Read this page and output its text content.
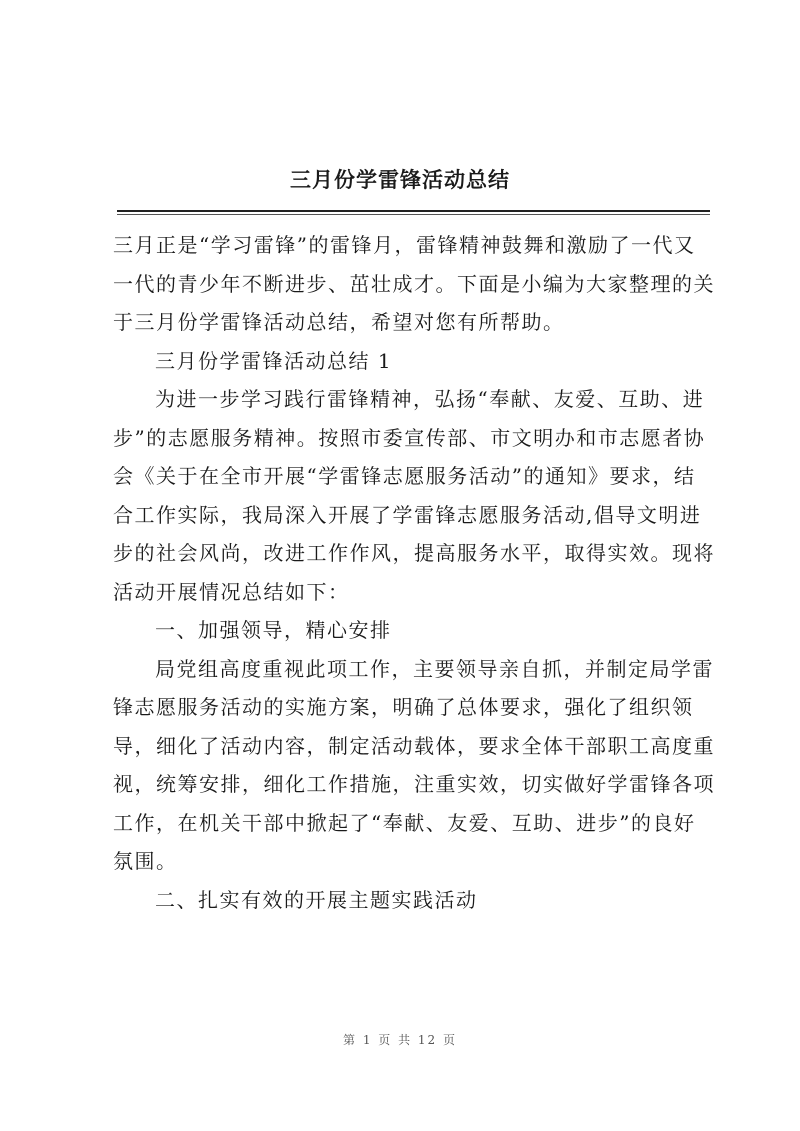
三月份学雷锋活动总结

三月正是“学习雷锋”的雷锋月，雷锋精神鼓舞和激励了一代又

一代的青少年不断进步、茁壮成才。下面是小编为大家整理的关

于三月份学雷锋活动总结，希望对您有所帮助。

三月份学雷锋活动总结 1

为进一步学习践行雷锋精神，弘扬“奉献、友爱、互助、进

步”的志愿服务精神。按照市委宣传部、市文明办和市志愿者协

会《关于在全市开展“学雷锋志愿服务活动”的通知》要求，结

合工作实际，我局深入开展了学雷锋志愿服务活动,倡导文明进

步的社会风尚，改进工作作风，提高服务水平，取得实效。现将

活动开展情况总结如下：

一、加强领导，精心安排

局党组高度重视此项工作，主要领导亲自抓，并制定局学雷

锋志愿服务活动的实施方案，明确了总体要求，强化了组织领

导，细化了活动内容，制定活动载体，要求全体干部职工高度重

视，统筹安排，细化工作措施，注重实效，切实做好学雷锋各项

工作，在机关干部中掀起了“奉献、友爱、互助、进步”的良好

氛围。

二、扎实有效的开展主题实践活动

第 1 页 共 12 页
